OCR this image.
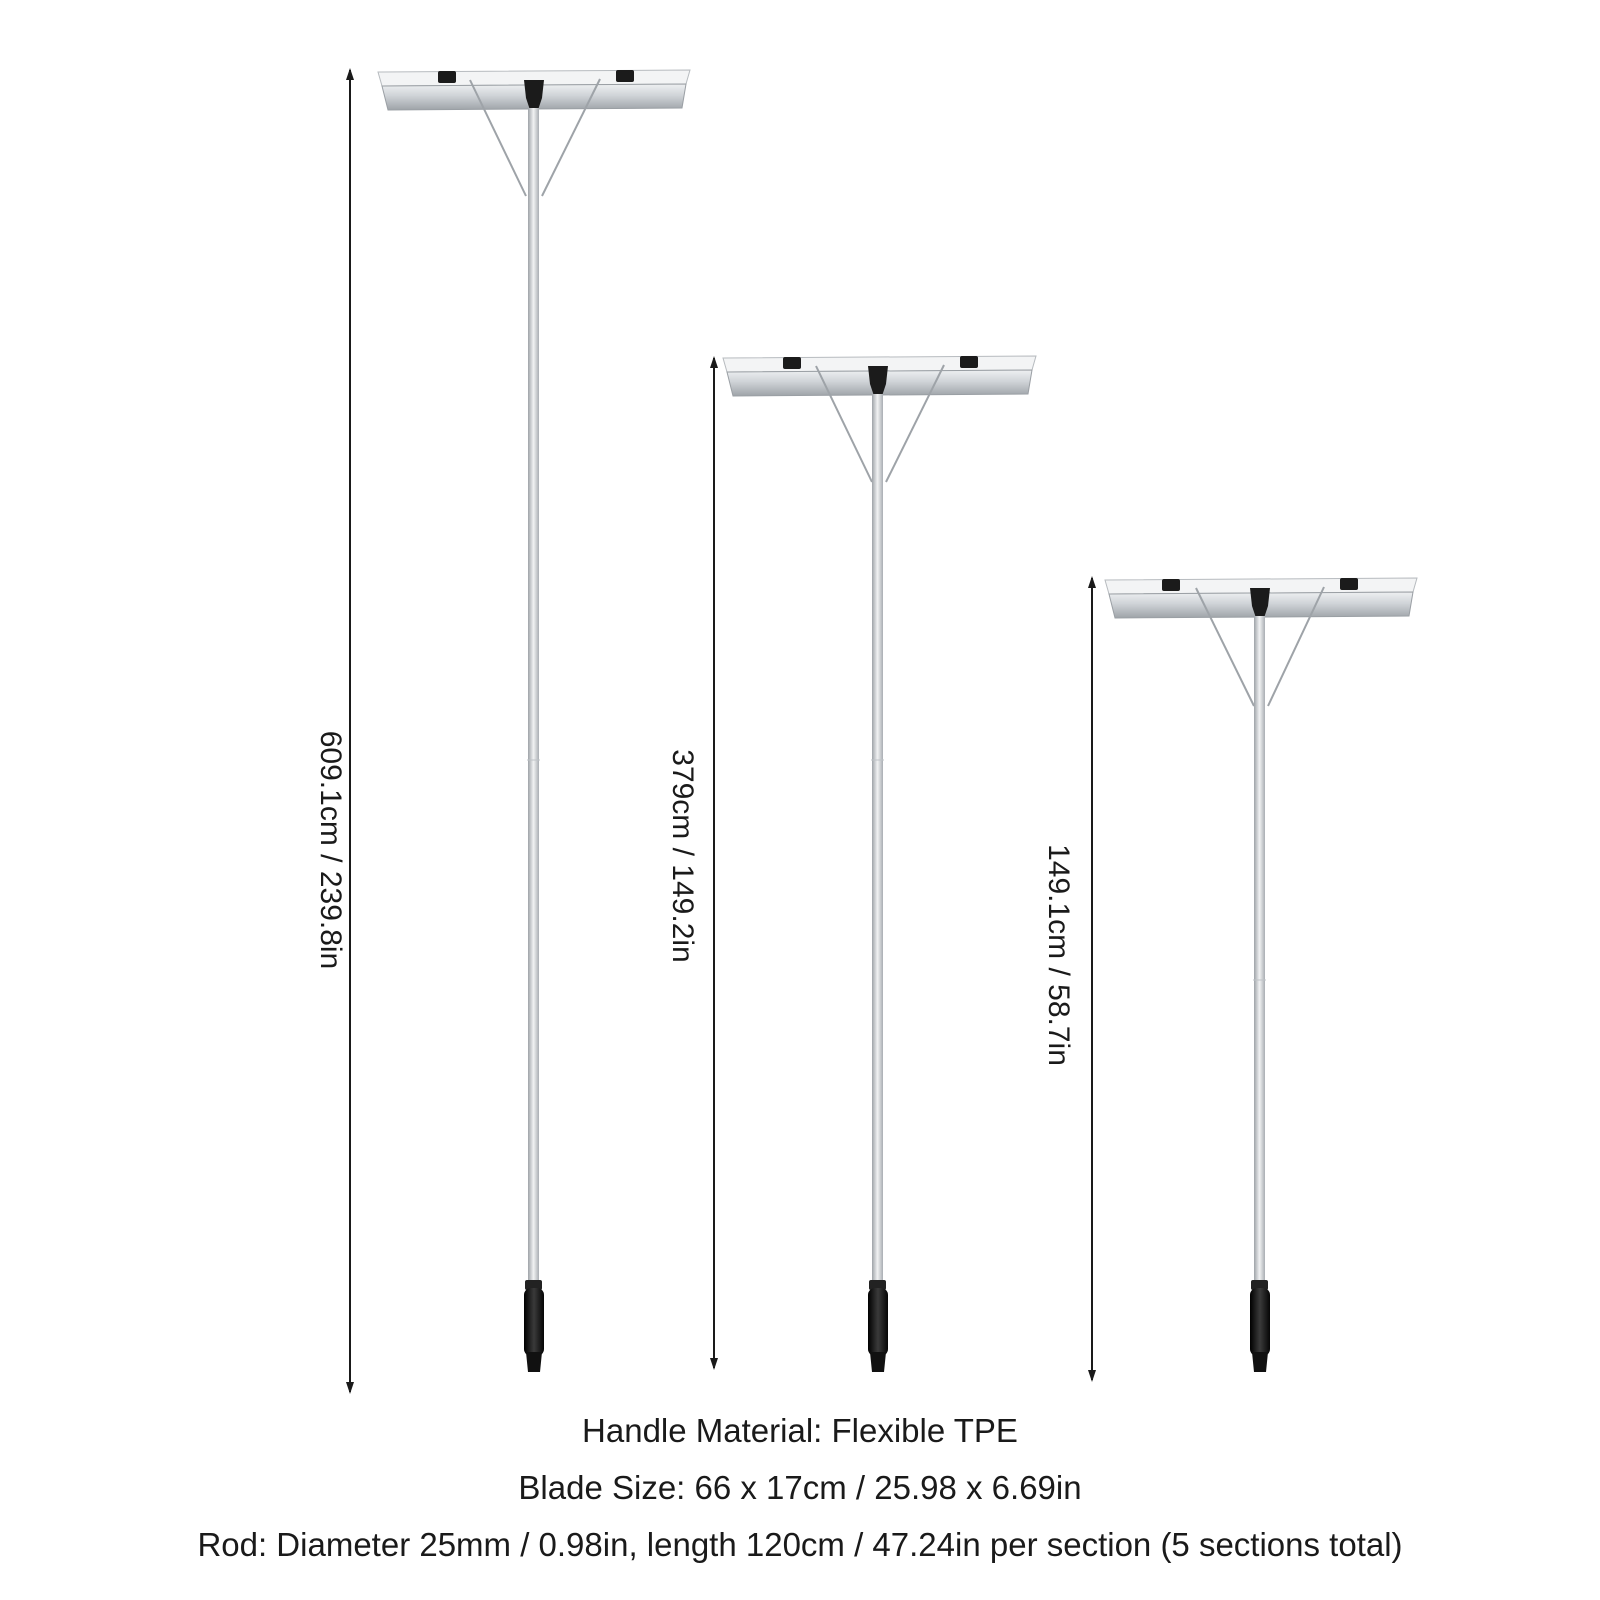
609.1cm / 239.8in	379cm / 149.2in	149.1cm / 58.7in
Handle Material: Flexible TPE
Blade Size: 66 x 17cm / 25.98 x 6.69in
Rod: Diameter 25mm / 0.98in, length 120cm / 47.24in per section (5 sections total)
